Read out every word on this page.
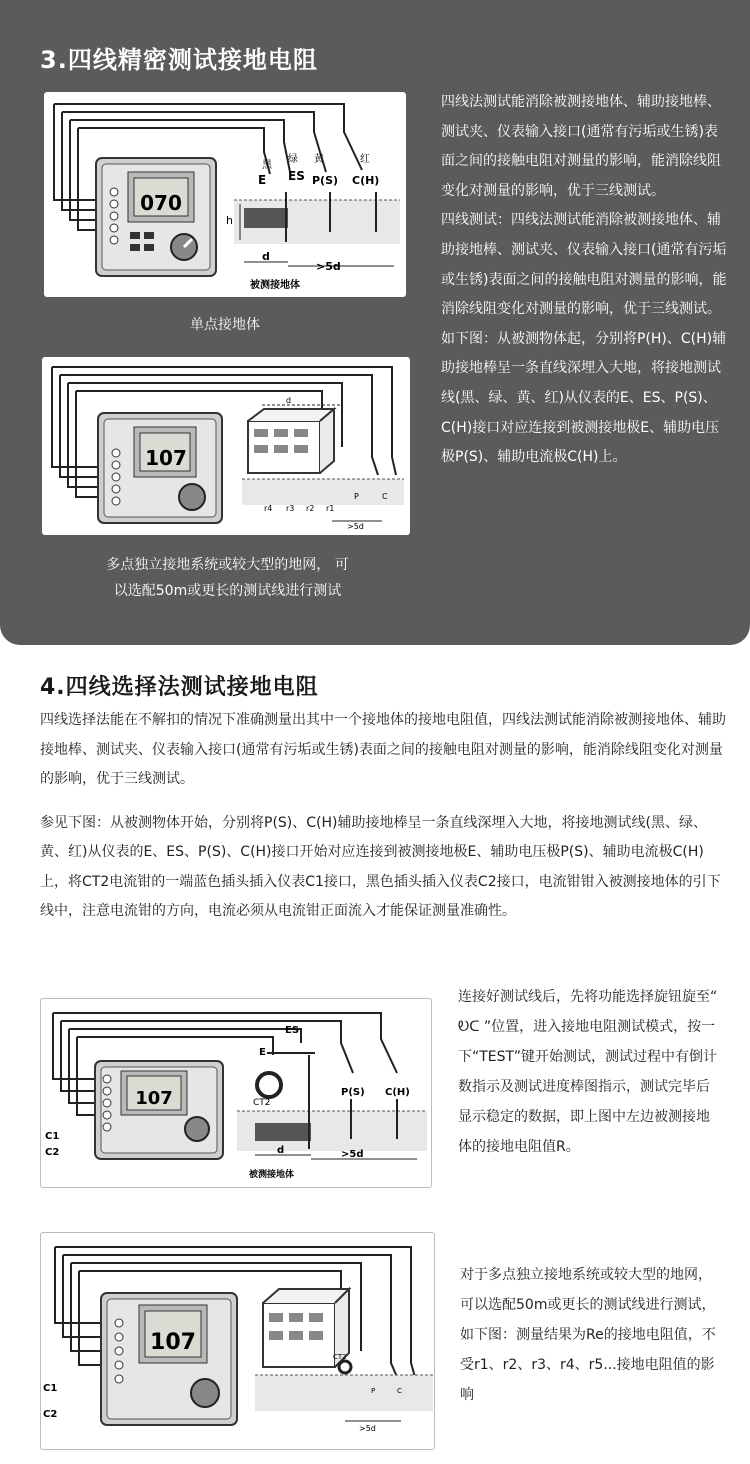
3.四线精密测试接地电阻
070
黑
绿 黄	红
E ES P(S) C(H)
h
d
>5d
被测接地体
单点接地体
107
r4 r3 r2 r1
P	C
>5d
d
多点独立接地系统或较大型的地网， 可
以选配50m或更长的测试线进行测试

四线法测试能消除被测接地体、辅助接地棒、测试夹、仪表输入接口(通常有污垢或生锈)表面之间的接触电阻对测量的影响，能消除线阻变化对测量的影响，优于三线测试。

四线测试：四线法测试能消除被测接地体、辅助接地棒、测试夹、仪表输入接口(通常有污垢或生锈)表面之间的接触电阻对测量的影响，能消除线阻变化对测量的影响，优于三线测试。

如下图：从被测物体起，分别将P(H)、C(H)辅助接地棒呈一条直线深埋入大地，将接地测试线(黑、绿、黄、红)从仪表的E、ES、P(S)、C(H)接口对应连接到被测接地极E、辅助电压极P(S)、辅助电流极C(H)上。

4.四线选择法测试接地电阻

四线选择法能在不解扣的情况下准确测量出其中一个接地体的接地电阻值，四线法测试能消除被测接地体、辅助接地棒、测试夹、仪表输入接口(通常有污垢或生锈)表面之间的接触电阻对测量的影响，能消除线阻变化对测量的影响，优于三线测试。

参见下图：从被测物体开始，分别将P(S)、C(H)辅助接地棒呈一条直线深埋入大地，将接地测试线(黑、绿、黄、红)从仪表的E、ES、P(S)、C(H)接口开始对应连接到被测接地极E、辅助电压极P(S)、辅助电流极C(H)上，将CT2电流钳的一端蓝色插头插入仪表C1接口，黑色插头插入仪表C2接口，电流钳钳入被测接地体的引下线中，注意电流钳的方向，电流必须从电流钳正面流入才能保证测量准确性。

107
C1
C2
ES
E
CT2
P(S) C(H)
d	>5d
被测接地体
连接好测试线后，先将功能选择旋钮旋至“ Ꭷᑕ ”位置，进入接地电阻测试模式，按一下“TEST”键开始测试，测试过程中有倒计数指示及测试进度棒图指示，测试完毕后显示稳定的数据，即上图中左边被测接地体的接地电阻值R。
107
C1
C2
CT2
P	C
>5d
对于多点独立接地系统或较大型的地网，可以选配50m或更长的测试线进行测试，如下图：测量结果为Re的接地电阻值，不受r1、r2、r3、r4、r5...接地电阻值的影响
